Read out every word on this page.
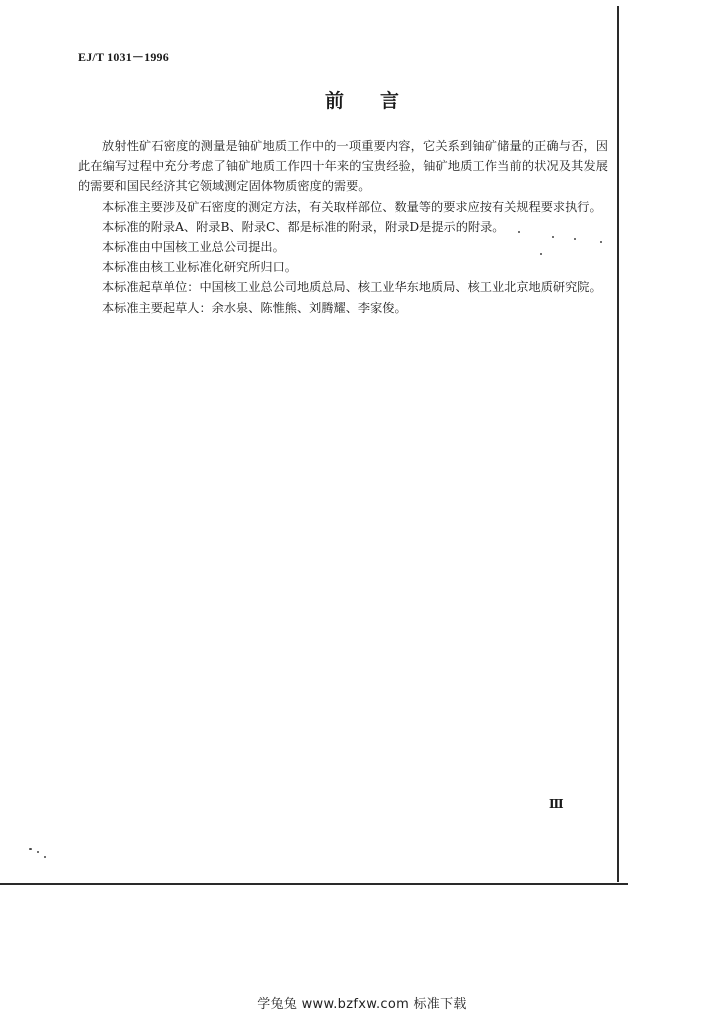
EJ/T 1031－1996
前言

放射性矿石密度的测量是铀矿地质工作中的一项重要内容，它关系到铀矿储量的正确与否，因此在编写过程中充分考虑了铀矿地质工作四十年来的宝贵经验，铀矿地质工作当前的状况及其发展的需要和国民经济其它领域测定固体物质密度的需要。

本标准主要涉及矿石密度的测定方法，有关取样部位、数量等的要求应按有关规程要求执行。

本标准的附录A、附录B、附录C、都是标准的附录，附录D是提示的附录。

本标准由中国核工业总公司提出。

本标准由核工业标准化研究所归口。

本标准起草单位：中国核工业总公司地质总局、核工业华东地质局、核工业北京地质研究院。

本标准主要起草人：余水泉、陈惟熊、刘腾耀、李家俊。

Ⅲ
学兔兔 www.bzfxw.com 标准下载
